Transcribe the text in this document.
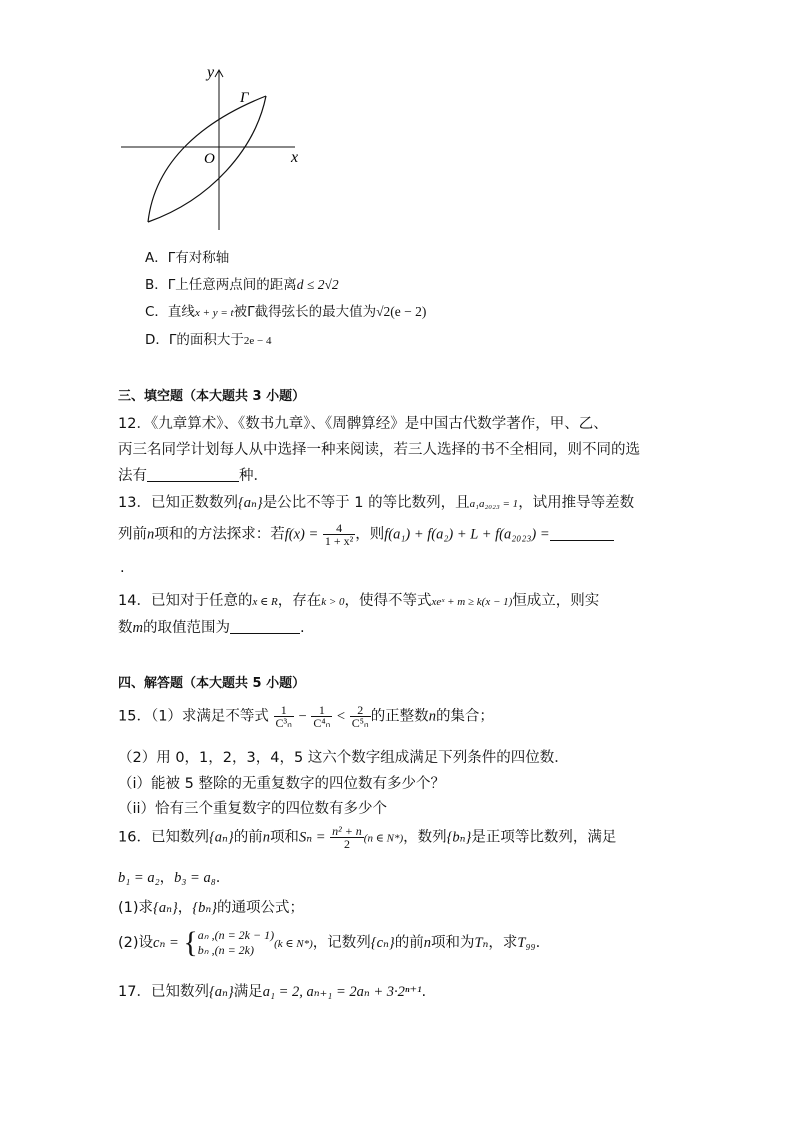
y
x
O
Γ
A．Γ有对称轴
B．Γ上任意两点间的距离d ≤ 2√2
C．直线x + y = t被Γ截得弦长的最大值为√2(e − 2)
D．Γ的面积大于2e − 4
三、填空题（本大题共 3 小题）
12．《九章算术》、《数书九章》、《周髀算经》是中国古代数学著作，甲、乙、
丙三名同学计划每人从中选择一种来阅读，若三人选择的书不全相同，则不同的选
法有	种．
13．已知正数数列{aₙ}是公比不等于 1 的等比数列，且a₁a₂₀₂₃ = 1，试用推导等差数
列前n项和的方法探求：若$f(x) = \frac{4}{\text{1 + x²}}$ ，则f(a₁) + f(a₂) + L + f(a₂₀₂₃) =
.
14．已知对于任意的x ∈ R，存在k > 0，使得不等式xeˣ + m ≥ k(x − 1)恒成立，则实
数m的取值范围为	.
四、解答题（本大题共 5 小题）
15．（1）求满足不等式 $\frac{1}{\text{C³ₙ}} - \frac{1}{\text{C⁴ₙ}} < \frac{2}{\text{C⁵ₙ}}$ 的正整数n的集合；
（2）用 0，1，2，3，4，5 这六个数字组成满足下列条件的四位数．
（i）能被 5 整除的无重复数字的四位数有多少个？
（ii）恰有三个重复数字的四位数有多少个
16．已知数列{aₙ}的前n项和$S_n = \frac{\text{n² + n}}{2} (n$ ∈ N*)，数列{bₙ}是正项等比数列，满足
b₁ = a₂，b₃ = a₈.
(1)求{aₙ}，{bₙ}的通项公式；
(2)设cₙ = { aₙ ,(n = 2k − 1)
bₙ ,(n = 2k)	(k ∈ N*)，记数列{cₙ}的前n项和为Tₙ，求T₉₉.
17．已知数列{aₙ}满足a₁ = 2, aₙ₊₁ = 2aₙ + 3·2ⁿ⁺¹.
